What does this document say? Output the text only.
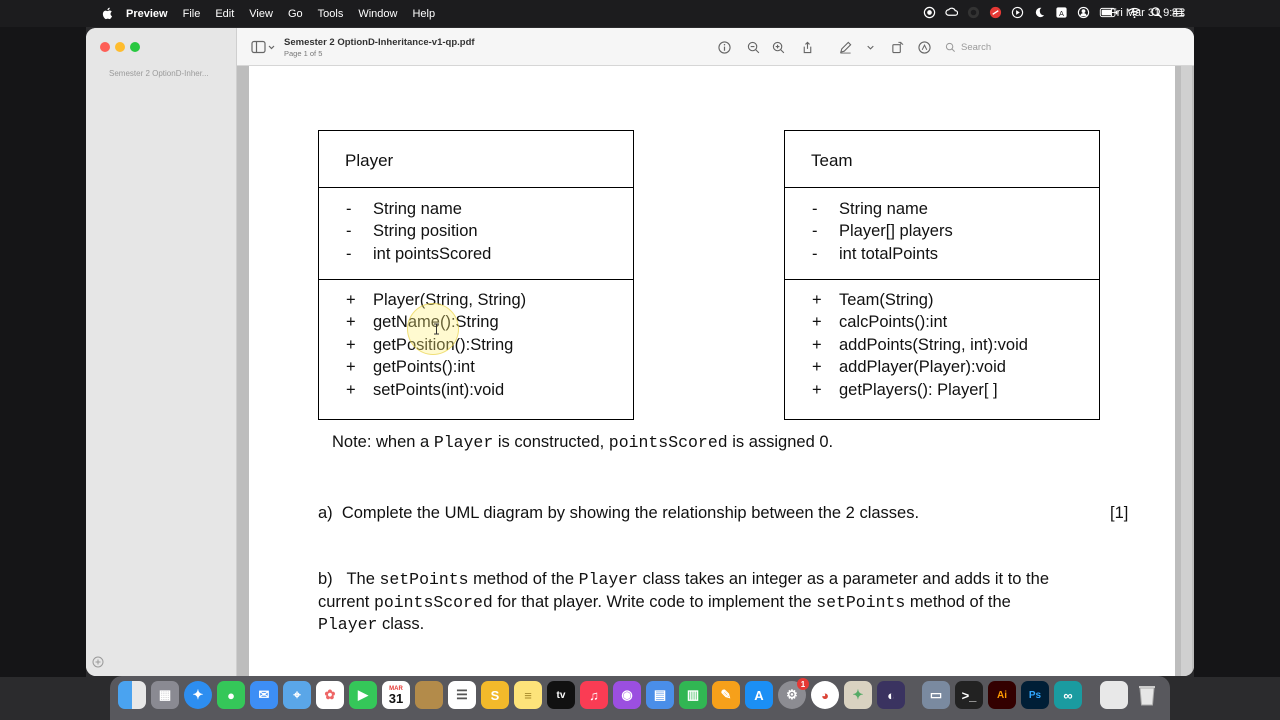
Preview File Edit View Go Tools Window Help	A	Fri Mar 31 9:41
Semester 2 OptionD-Inher...
Semester 2 OptionD-Inheritance-v1-qp.pdf
Page 1 of 5
Search
Player
-	String name
-	String position
-	int pointsScored
+	Player(String, String)
+	getName():String
+	getPosition():String
+	getPoints():int
+	setPoints(int):void
Team
-	String name
-	Player[] players
-	int totalPoints
+	Team(String)
+	calcPoints():int
+	addPoints(String, int):void
+	addPlayer(Player):void
+	getPlayers(): Player[ ]
Note: when a Player is constructed, pointsScored is assigned 0.
a) Complete the UML diagram by showing the relationship between the 2 classes.	[1]
b) The setPoints method of the Player class takes an integer as a parameter and adds it to the
current pointsScored for that player. Write code to implement the setPoints method of the
Player class.
▦ ✦ ● ✉ ⌖ ✿ ▶	MAR
31	☰ S ≡ tv ♫ ◉ ▤ ▥ ✎ A ⚙
1
◕ ✦ ◐	▭ >_ Ai Ps ∞
